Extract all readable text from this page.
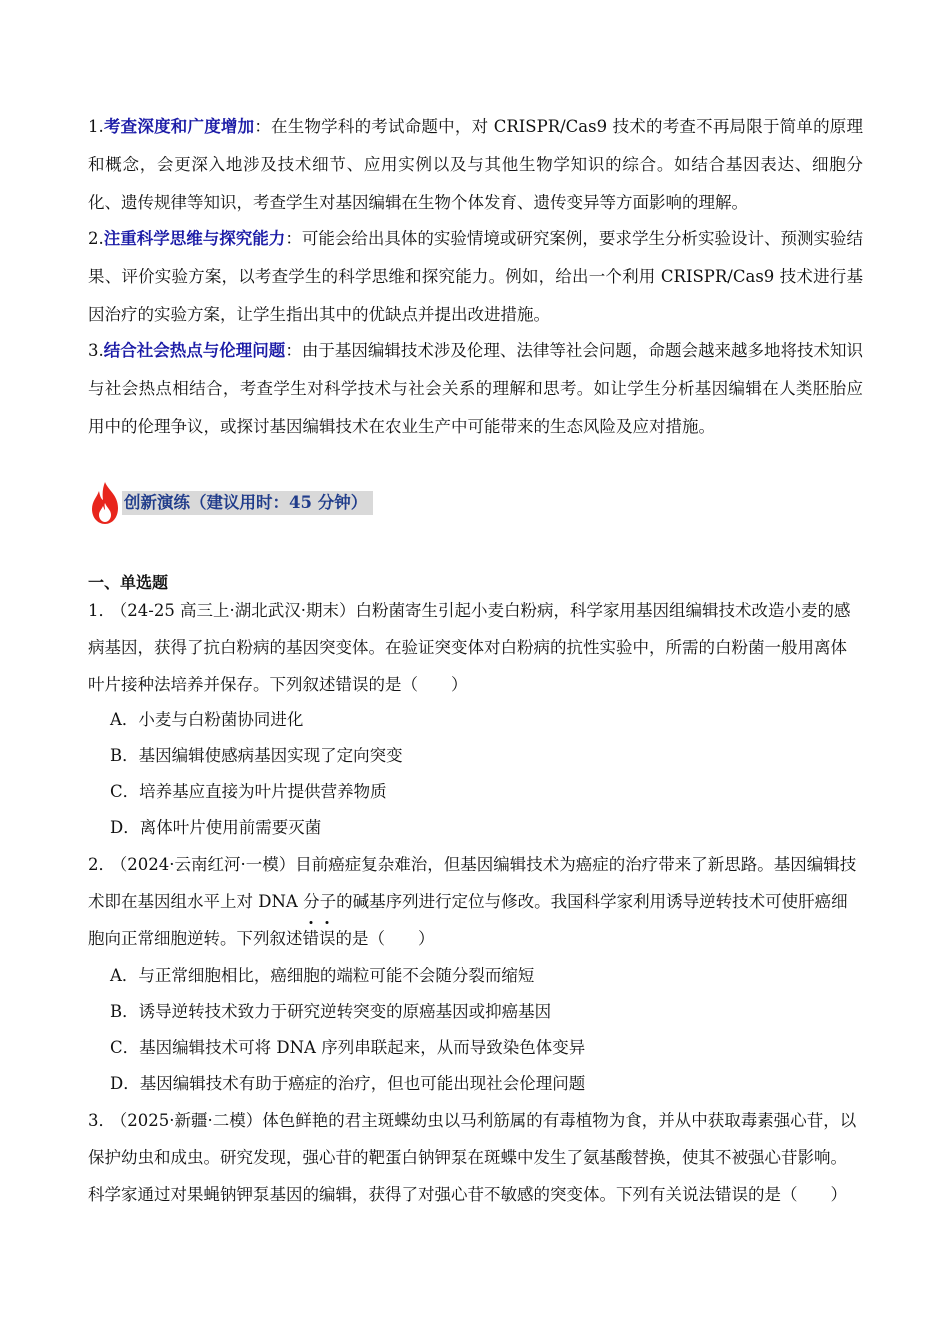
1.考查深度和广度增加：在生物学科的考试命题中，对 CRISPR/Cas9 技术的考查不再局限于简单的原理和概念，会更深入地涉及技术细节、应用实例以及与其他生物学知识的综合。如结合基因表达、细胞分化、遗传规律等知识，考查学生对基因编辑在生物个体发育、遗传变异等方面影响的理解。
2.注重科学思维与探究能力：可能会给出具体的实验情境或研究案例，要求学生分析实验设计、预测实验结果、评价实验方案，以考查学生的科学思维和探究能力。例如，给出一个利用 CRISPR/Cas9 技术进行基因治疗的实验方案，让学生指出其中的优缺点并提出改进措施。
3.结合社会热点与伦理问题：由于基因编辑技术涉及伦理、法律等社会问题，命题会越来越多地将技术知识与社会热点相结合，考查学生对科学技术与社会关系的理解和思考。如让学生分析基因编辑在人类胚胎应用中的伦理争议，或探讨基因编辑技术在农业生产中可能带来的生态风险及应对措施。
创新演练（建议用时：45 分钟）
一、单选题
1． （24-25 高三上·湖北武汉·期末）白粉菌寄生引起小麦白粉病，科学家用基因组编辑技术改造小麦的感病基因，获得了抗白粉病的基因突变体。在验证突变体对白粉病的抗性实验中，所需的白粉菌一般用离体叶片接种法培养并保存。下列叙述错误的是（　　）
A．小麦与白粉菌协同进化
B．基因编辑使感病基因实现了定向突变
C．培养基应直接为叶片提供营养物质
D．离体叶片使用前需要灭菌
2． （2024·云南红河·一模）目前癌症复杂难治，但基因编辑技术为癌症的治疗带来了新思路。基因编辑技术即在基因组水平上对 DNA 分子的碱基序列进行定位与修改。我国科学家利用诱导逆转技术可使肝癌细胞向正常细胞逆转。下列叙述
错误的是（　　）
A．与正常细胞相比，癌细胞的端粒可能不会随分裂而缩短
B．诱导逆转技术致力于研究逆转突变的原癌基因或抑癌基因
C．基因编辑技术可将 DNA 序列串联起来，从而导致染色体变异
D．基因编辑技术有助于癌症的治疗，但也可能出现社会伦理问题
3． （2025·新疆·二模）体色鲜艳的君主斑蝶幼虫以马利筋属的有毒植物为食，并从中获取毒素强心苷，以保护幼虫和成虫。研究发现，强心苷的靶蛋白钠钾泵在斑蝶中发生了氨基酸替换，使其不被强心苷影响。科学家通过对果蝇钠钾泵基因的编辑，获得了对强心苷不敏感的突变体。下列有关说法错误的是（　　）
